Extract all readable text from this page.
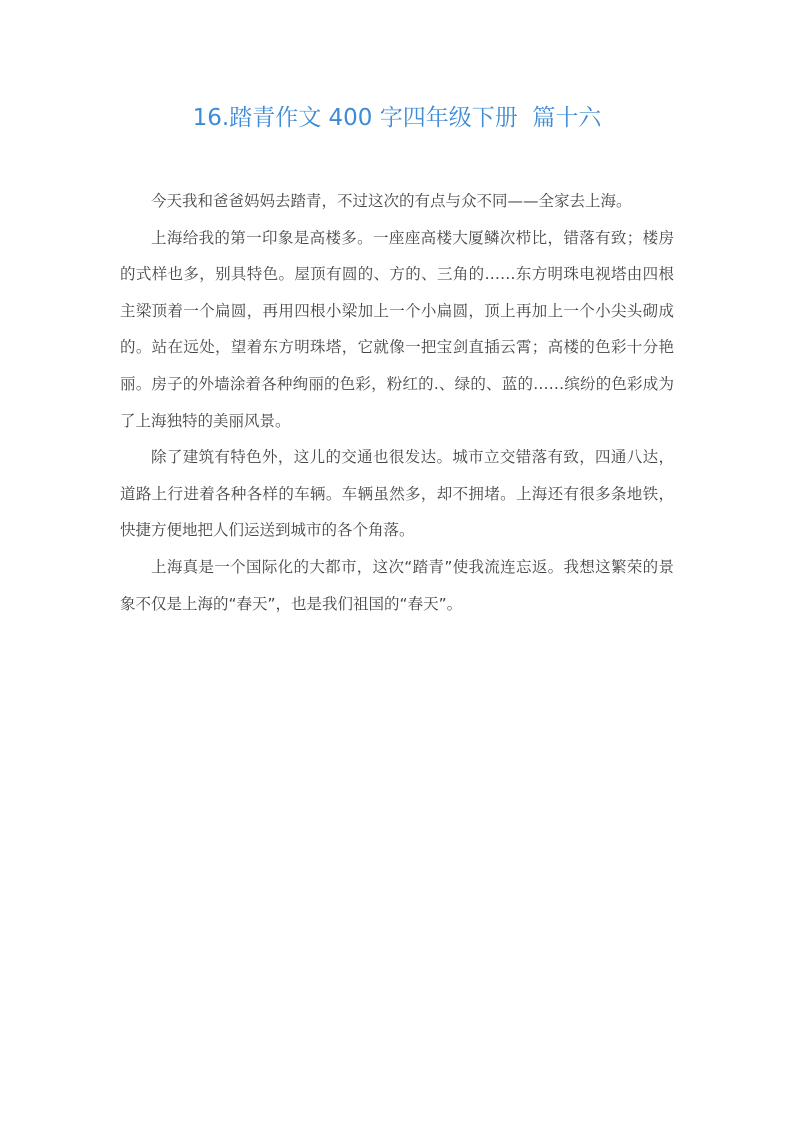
16.踏青作文 400 字四年级下册  篇十六

今天我和爸爸妈妈去踏青，不过这次的有点与众不同——全家去上海。

上海给我的第一印象是高楼多。一座座高楼大厦鳞次栉比，错落有致；楼房的式样也多，别具特色。屋顶有圆的、方的、三角的……东方明珠电视塔由四根主梁顶着一个扁圆，再用四根小梁加上一个小扁圆，顶上再加上一个小尖头砌成的。站在远处，望着东方明珠塔，它就像一把宝剑直插云霄；高楼的色彩十分艳丽。房子的外墙涂着各种绚丽的色彩，粉红的.、绿的、蓝的……缤纷的色彩成为了上海独特的美丽风景。

除了建筑有特色外，这儿的交通也很发达。城市立交错落有致，四通八达，道路上行进着各种各样的车辆。车辆虽然多，却不拥堵。上海还有很多条地铁，快捷方便地把人们运送到城市的各个角落。

上海真是一个国际化的大都市，这次“踏青”使我流连忘返。我想这繁荣的景象不仅是上海的“春天”，也是我们祖国的“春天”。
